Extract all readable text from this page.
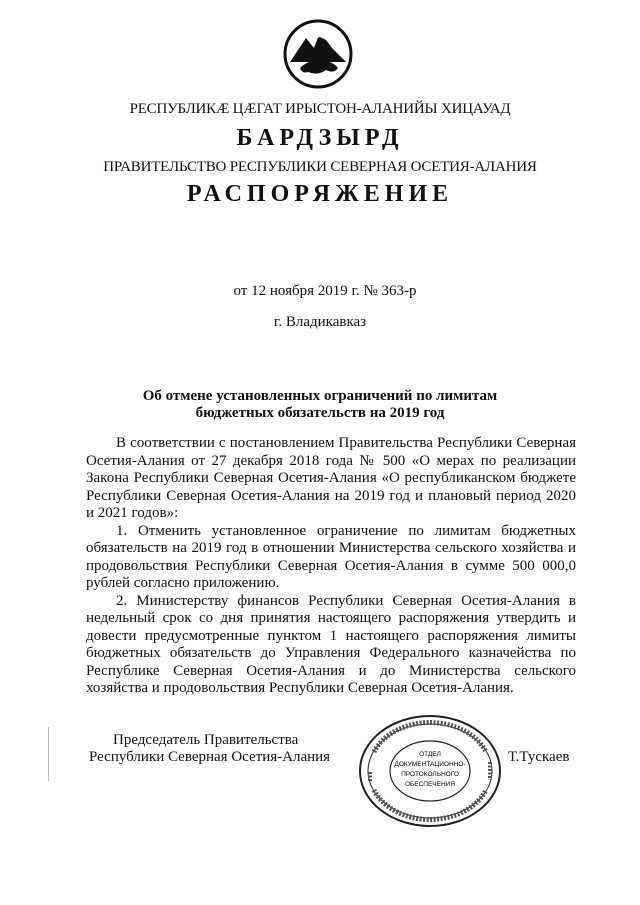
РЕСПУБЛИКӔ ЦӔГАТ ИРЫСТОН-АЛАНИЙЫ ХИЦАУАД
БАРДЗЫРД
ПРАВИТЕЛЬСТВО РЕСПУБЛИКИ СЕВЕРНАЯ ОСЕТИЯ-АЛАНИЯ
РАСПОРЯЖЕНИЕ
от 12 ноября 2019 г. № 363-р
г. Владикавказ
Об отмене установленных ограничений по лимитам
бюджетных обязательств на 2019 год

В соответствии с постановлением Правительства Республики Северная Осетия-Алания от 27 декабря 2018 года № 500 «О мерах по реализации Закона Республики Северная Осетия-Алания «О республиканском бюджете Республики Северная Осетия-Алания на 2019 год и плановый период 2020 и 2021 годов»:

1. Отменить установленное ограничение по лимитам бюджетных обязательств на 2019 год в отношении Министерства сельского хозяйства и продовольствия Республики Северная Осетия-Алания в сумме 500 000,0 рублей согласно приложению.

2. Министерству финансов Республики Северная Осетия-Алания в недельный срок со дня принятия настоящего распоряжения утвердить и довести предусмотренные пунктом 1 настоящего распоряжения лимиты бюджетных обязательств до Управления Федерального казначейства по Республике Северная Осетия-Алания и до Министерства сельского хозяйства и продовольствия Республики Северная Осетия-Алания.

Председатель Правительства
Республики Северная Осетия-Алания	Т.Тускаев
ОТДЕЛ
ДОКУМЕНТАЦИОННО-
ПРОТОКОЛЬНОГО
ОБЕСПЕЧЕНИЯ
